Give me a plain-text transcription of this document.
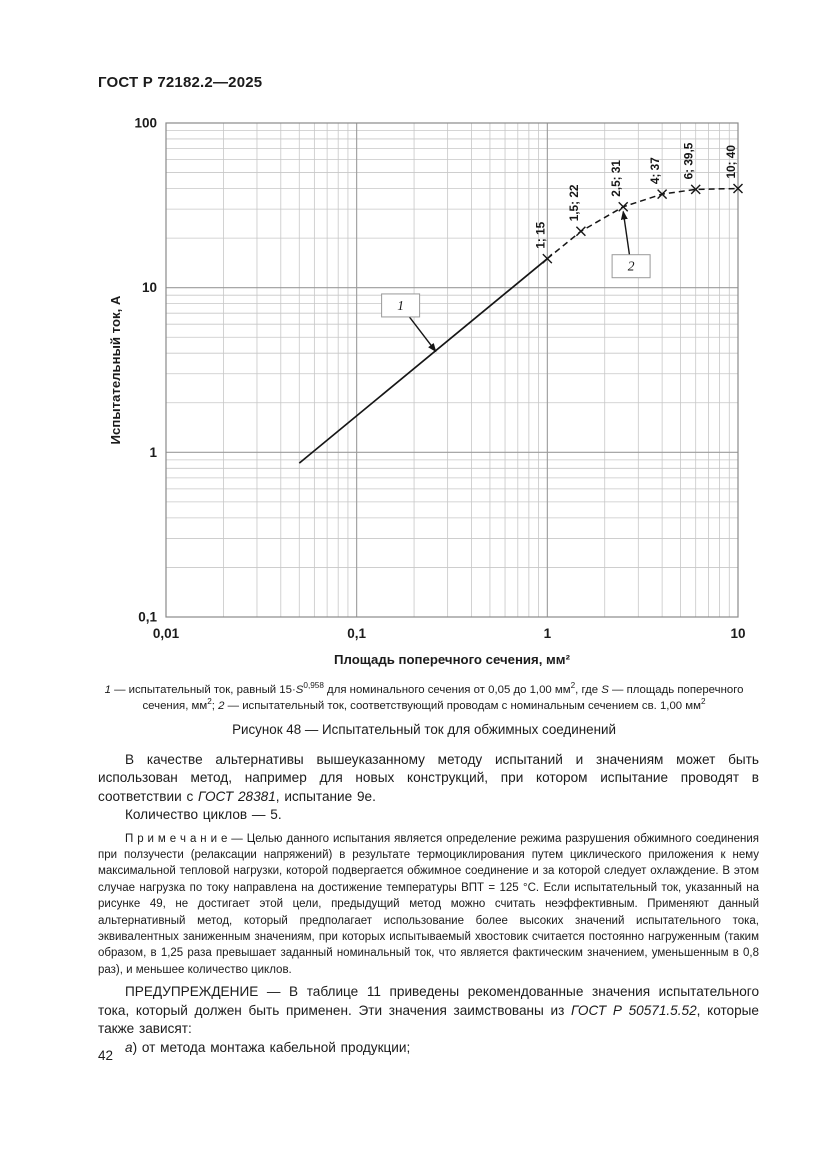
ГОСТ Р 72182.2—2025
1; 15
1,5; 22
2,5; 31 4; 37 6; 39,5 10; 40
1
2
100
10
1
0,1
0,01	0,1	1	10
Площадь поперечного сечения, мм²
Испытательный ток, А
1 — испытательный ток, равный $15\cdot S^{0,958}$ для номинального сечения от 0,05 до 1,00 $мм^2$, где S — площадь поперечного сечения, $мм^2$; 2 — испытательный ток, соответствующий проводам с номинальным сечением св. 1,00 $мм^2$
Рисунок 48 — Испытательный ток для обжимных соединений

В качестве альтернативы вышеуказанному методу испытаний и значениям может быть использован метод, например для новых конструкций, при котором испытание проводят в соответствии с ГОСТ 28381, испытание 9е.

Количество циклов — 5.

П р и м е ч а н и е — Целью данного испытания является определение режима разрушения обжимного соединения при ползучести (релаксации напряжений) в результате термоциклирования путем циклического приложения к нему максимальной тепловой нагрузки, которой подвергается обжимное соединение и за которой следует охлаждение. В этом случае нагрузка по току направлена на достижение температуры ВПТ = 125 °С. Если испытательный ток, указанный на рисунке 49, не достигает этой цели, предыдущий метод можно считать неэффективным. Применяют данный альтернативный метод, который предполагает использование более высоких значений испытательного тока, эквивалентных заниженным значениям, при которых испытываемый хвостовик считается постоянно нагруженным (таким образом, в 1,25 раза превышает заданный номинальный ток, что является фактическим значением, уменьшенным в 0,8 раз), и меньшее количество циклов.

ПРЕДУПРЕЖДЕНИЕ — В таблице 11 приведены рекомендованные значения испытательного тока, который должен быть применен. Эти значения заимствованы из ГОСТ Р 50571.5.52, которые также зависят:

а) от метода монтажа кабельной продукции;

42
